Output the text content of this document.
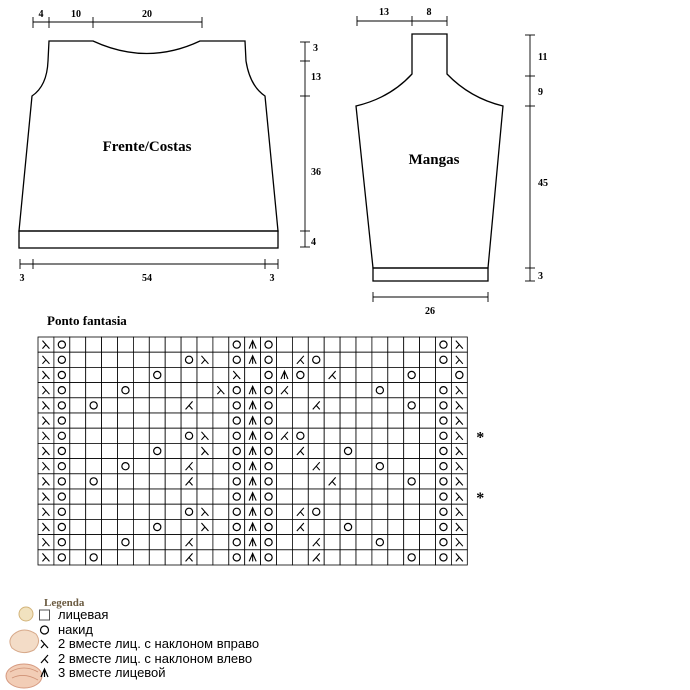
Frente/Costas
4	10	20
3
13
36
4
3	54	3
Mangas
13	8
11
9
45
3
26
Ponto fantasia
*
*
Legenda
лицевая
накид
2 вместе лиц. с наклоном вправо
2 вместе лиц. с наклоном влево
3 вместе лицевой
